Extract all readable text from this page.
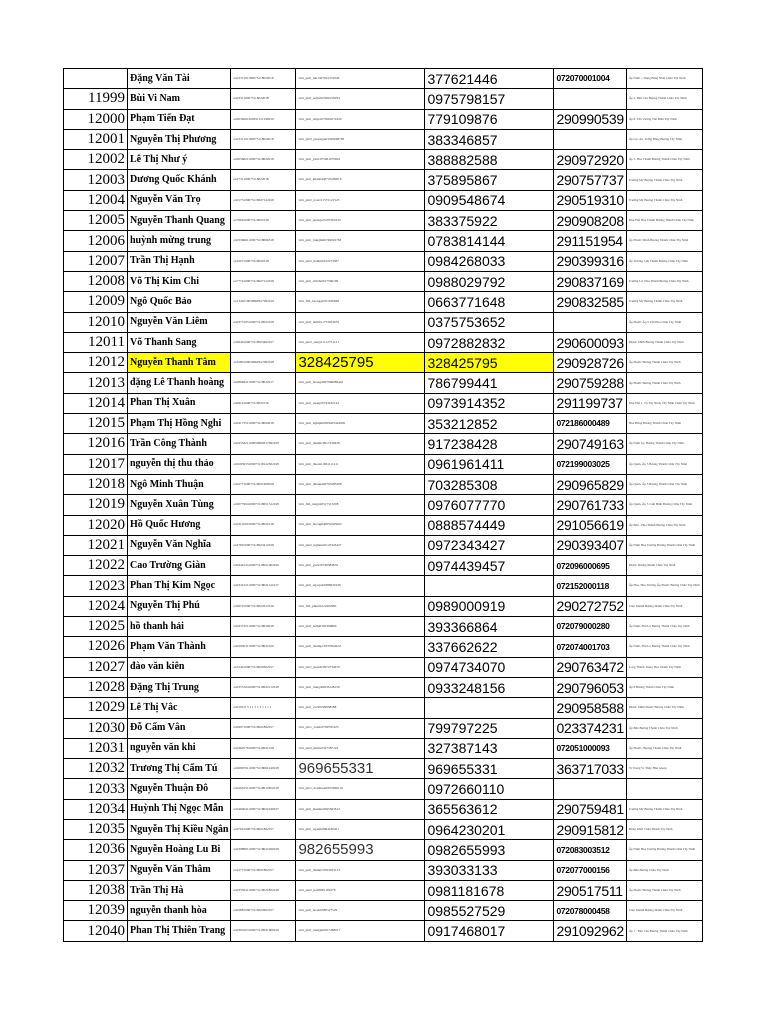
	Đặng Văn Tài	ex0331191100073118022018	vtttt_ptttt_tutt1507001331020	377621446	072070001004	Ấp Ninh ...Trảng Bàng Nhất Châu Tây Ninh
11999	Bùi Vi Nam	ex0331100073118022018	vtttt_ptttt_namvi07000156294	0975798157		Ấp 2, Bến Cầu Bương Thành Châu Tây Ninh
12000	Phạm Tiến Đạt	ex0036261200031121190910	vtttt_ptttt_datpt1075061072420	779109876	290990539	Ấp 8, Tân Vương Tân Biên Tây Ninh
12001	Nguyễn Thị Phương	ex0331191100073118022018	vtttt_pttt2_phuongntt3506066783	383346857		Ấp Lộc An, Trảng Bàng Bương Tây Ninh
12002	Lê Thị Như ý	ex0036621100073118022018	vtttt_ptttt_yltn1075061075843	388882588	290972920	Ấp 3, Hòa Thành Bương Thành Châu Tây Ninh
12003	Dương Quốc Khánh	ex2731100073118022018	vtttt_ptttt_khanhdq0725200016	375895867	290757737	Trường Mỹ Bương Thành Châu Tây Ninh
12004	Nguyễn Văn Trọ	ex0173100073118027122018	vtttt_pttt2_tronv21572121523	0909548674	290519310	Trường Mỹ Bương Thành Châu Tây Ninh
12005	Nguyễn Thanh Quang	ex7066100073118021018	vtttt_ptttt_quangnt3197501632	383375922	290908208	Khu Phố Hòa Thành Bương Thành Châu Tây Ninh
12006	huỳnh mừng trung	ex0336661100073118090318	vtttt_ptttt_trunghm0749016763	0783814144	291151954	Ấp Phước Minh Bương Thành Châu Tây Ninh
12007	Trần Thị Hạnh	ex2207100073118020318	vtttt_pttt2_hanhtt0232273567	0984268033	290399316	Ấp Trường Lưu Thành Bương Châu Tây Ninh
12008	Võ Thị Kim Chi	ex7774100073118027122018	vtttt_ptttt_chivtk0017566199	0988029792	290837169	Trường Lư, Hòa Thành Bương Châu Tây Ninh
12009	Ngô Quốc Bảo	ex1341010059960617092016	vtttt_ftth_baongq0351636948	0663771648	290832585	Trường Mỹ Bương Thành Châu Tây Ninh
12010	Nguyễn Văn Liêm	ex0375195100073118022018	vtttt_ptttt_liemnv1753653652	0375753652		Ấp Phước Ấp 5 Tân Hòa Châu Tây Ninh
12011	Võ Thanh Sang	ex9946100073118023402017	vtttt_pttt2_sangvt1112751121	0972882832	290600093	Phước Minh Bương Thành Châu Tây Ninh
12012	Nguyễn Thanh Tâm	ex3280100059960617092018	328425795	328425795	290928726	Ấp Phước Bương Thành Châu Tây Ninh
12013	đặng Lê Thanh hoàng	ex0866941100073118022017	vtttt_ptttt_hoangdlt07066089441	786799441	290759288	Ấp Phước Bương Thành Châu Tây Ninh
12014	Phan Thị Xuân	ex9910100073118031016	vtttt_ptttt_xuanpt0743432144	0973914352	291199737	Khu Phố 1, Tp Tây Ninh, Tây Ninh Châu Tây Ninh
12015	Phạm Thị Hồng Nghi	ex0417351100073118094018	vtttt_ptttt_nghipth0059403424920	353212852	072186000489	Hòa Hưng Bương Thành Châu Tây Ninh
12016	Trần Công Thành	ex0433421100059960617092018	vtttt_ptttt_thanhtc0917238428	917238428	290749163	Ấp Ninh Lộ, Bương Thành Châu Tây Ninh
12017	nguyễn thị thu thảo	ex0263933100073118122302018	vtttt_ptttt_thaontt1961111411	0961961411	072199003025	Ấp Quán, Ấp 5 Bương Thành Châu Tây Ninh
12018	Ngô Minh Thuận	ex0277100073118021608018	vtttt_ptttt_thuannm0703285308	703285308	290965829	Ấp Quán, Ấp 5 Bương Thành Châu Tây Ninh
12019	Nguyễn Xuân Tùng	ex0077904100073118051312018	vtttt_ftth_tungnx0517513208	0976077770	290761733	Ấp Quán, Ấp 5 Cẩm Bình Bương Châu Tây Ninh
12020	Hồ Quốc Hương	ex0311000100073118021018	vtttt_ptttt_huonghq0050165002	0888574449	291056619	Ấp Bến - Hòa Thành Bương Châu Tây Ninh
12021	Nguyễn Văn Nghĩa	ex3769100073118023412018	vtttt_pttt2_nghianv0123343427	0972343427	290393407	Ấp Ninh Hòa Trường Bương Thành Châu Tây Ninh
12022	Cao Trường Giàn	ex0444145100073118021902016	vtttt_ptttt_giancl0749584676	0974439457	072096000695	Phước Dương Mành Châu Tây Ninh
12023	Phan Thị Kim Ngọc	ex0341521100073118021141017	vtttt_ptttt_ngocptk0386631936		072152000118	Ấp Hòa, Hòa Trường Ấp Phước Bương Châu Tây Ninh
12024	Nguyễn Thị Phú	ex9970100073118022612016	vtttt_ftth_phunt0122262981	0989000919	290272752	Cẩm Khánh Bương Mành Châu Tây Ninh
12025	hồ thanh hải	ex0437321100073118050918	vtttt_ptttt_haiht0393366864	393366864	072079000280	Ấp Ninh, Phú Lộ Bương Thành Châu Tây Ninh
12026	Phạm Văn Thành	ex0593031100073118021020	vtttt_ptttt_thanhpv0337662622	337662622	072074001703	Ấp Ninh, Phú Lộ Bương Thành Châu Tây Ninh
12027	đào văn kiên	ex3244100073118029302017	vtttt_pttt1_kiendv0974734070	0974734070	290763472	Long Thành Trung Hòa Thành Tây Ninh
12028	Đặng Thị Trung	ex0355104100073118022112018	vtttt_ptttt_trungdt0933248156	0933248156	290796053	Ấp 8 Bương Thành Châu Tây Ninh
12029	Lê Thị Vắc	ex0194 6 3 1 1 7 1 2 1 1 1 1	vtttt_ptttt_vaclt0299958588		290958588	Phước Minh Phước Bương Châu Tây Ninh
12030	Đỗ Cẩm Vân	ex0997100073118021802017	vtttt_pttt1_vandc0799797225	799797225	023374231	Ấp Bến Bương Thành Châu Tây Ninh
12031	nguyễn văn khi	ex0362576100073118021018	vtttt_pttt2_khinv0327387143	327387143	072051000093	Ấp Phước, Bương Thành Châu Tây Ninh
12032	Trương Thị Cẩm Tú	ex0696791100073118061240018	969655331	969655331	363717033	Vị Trung Vị Thủy Hậu Giang
12033	Nguyễn Thuận Đô	ex0263231100073118011802018	vtttt_pttt1_donthuan0972660110	0972660110		
12034	Huỳnh Thị Ngọc Mẫn	ex0494041100073118021040017	vtttt_ptttt_manhtn0365563612	365563612	290759481	Trường Mỹ Bương Thành Châu Tây Ninh
12035	Nguyễn Thị Kiều Ngân	ex6764100073118021802017	vtttt_ptttt_ngantk0964230201	0964230201	290915812	Đồng Khởi Châu Thành Tây Ninh
12036	Nguyễn Hoàng Lu Bi	ex0398981100073118021090018	982655993	0982655993	072083003512	Ấp Ninh Hòa Trường Bương Thành Châu Tây Ninh
12037	Nguyễn Văn Thâm	ex2277100073118021802017	vtttt_ptttt_thamnv0393033133	393033133	072077000156	Ấp Bến Bương Châu Tây Ninh
12038	Trần Thị Hà	ex0353941100073118021802018	vtttt_pttt2_hatt0981181678	0981181678	290517511	Ấp Phước Bương Thành Châu Tây Ninh
12039	nguyễn thanh hòa	ex0588100073118022902017	vtttt_ptttt_hoant0985527529	0985527529	072078000458	Cẩm Khánh Bương Mành Châu Tây Ninh
12040	Phan Thị Thiên Trang	ex0393203100073118021606016	vtttt_ptttt_trangptt0917468017	0917468017	291092962	Ấp 1 - Bến Cầu Bương Thành Châu Tây Ninh
